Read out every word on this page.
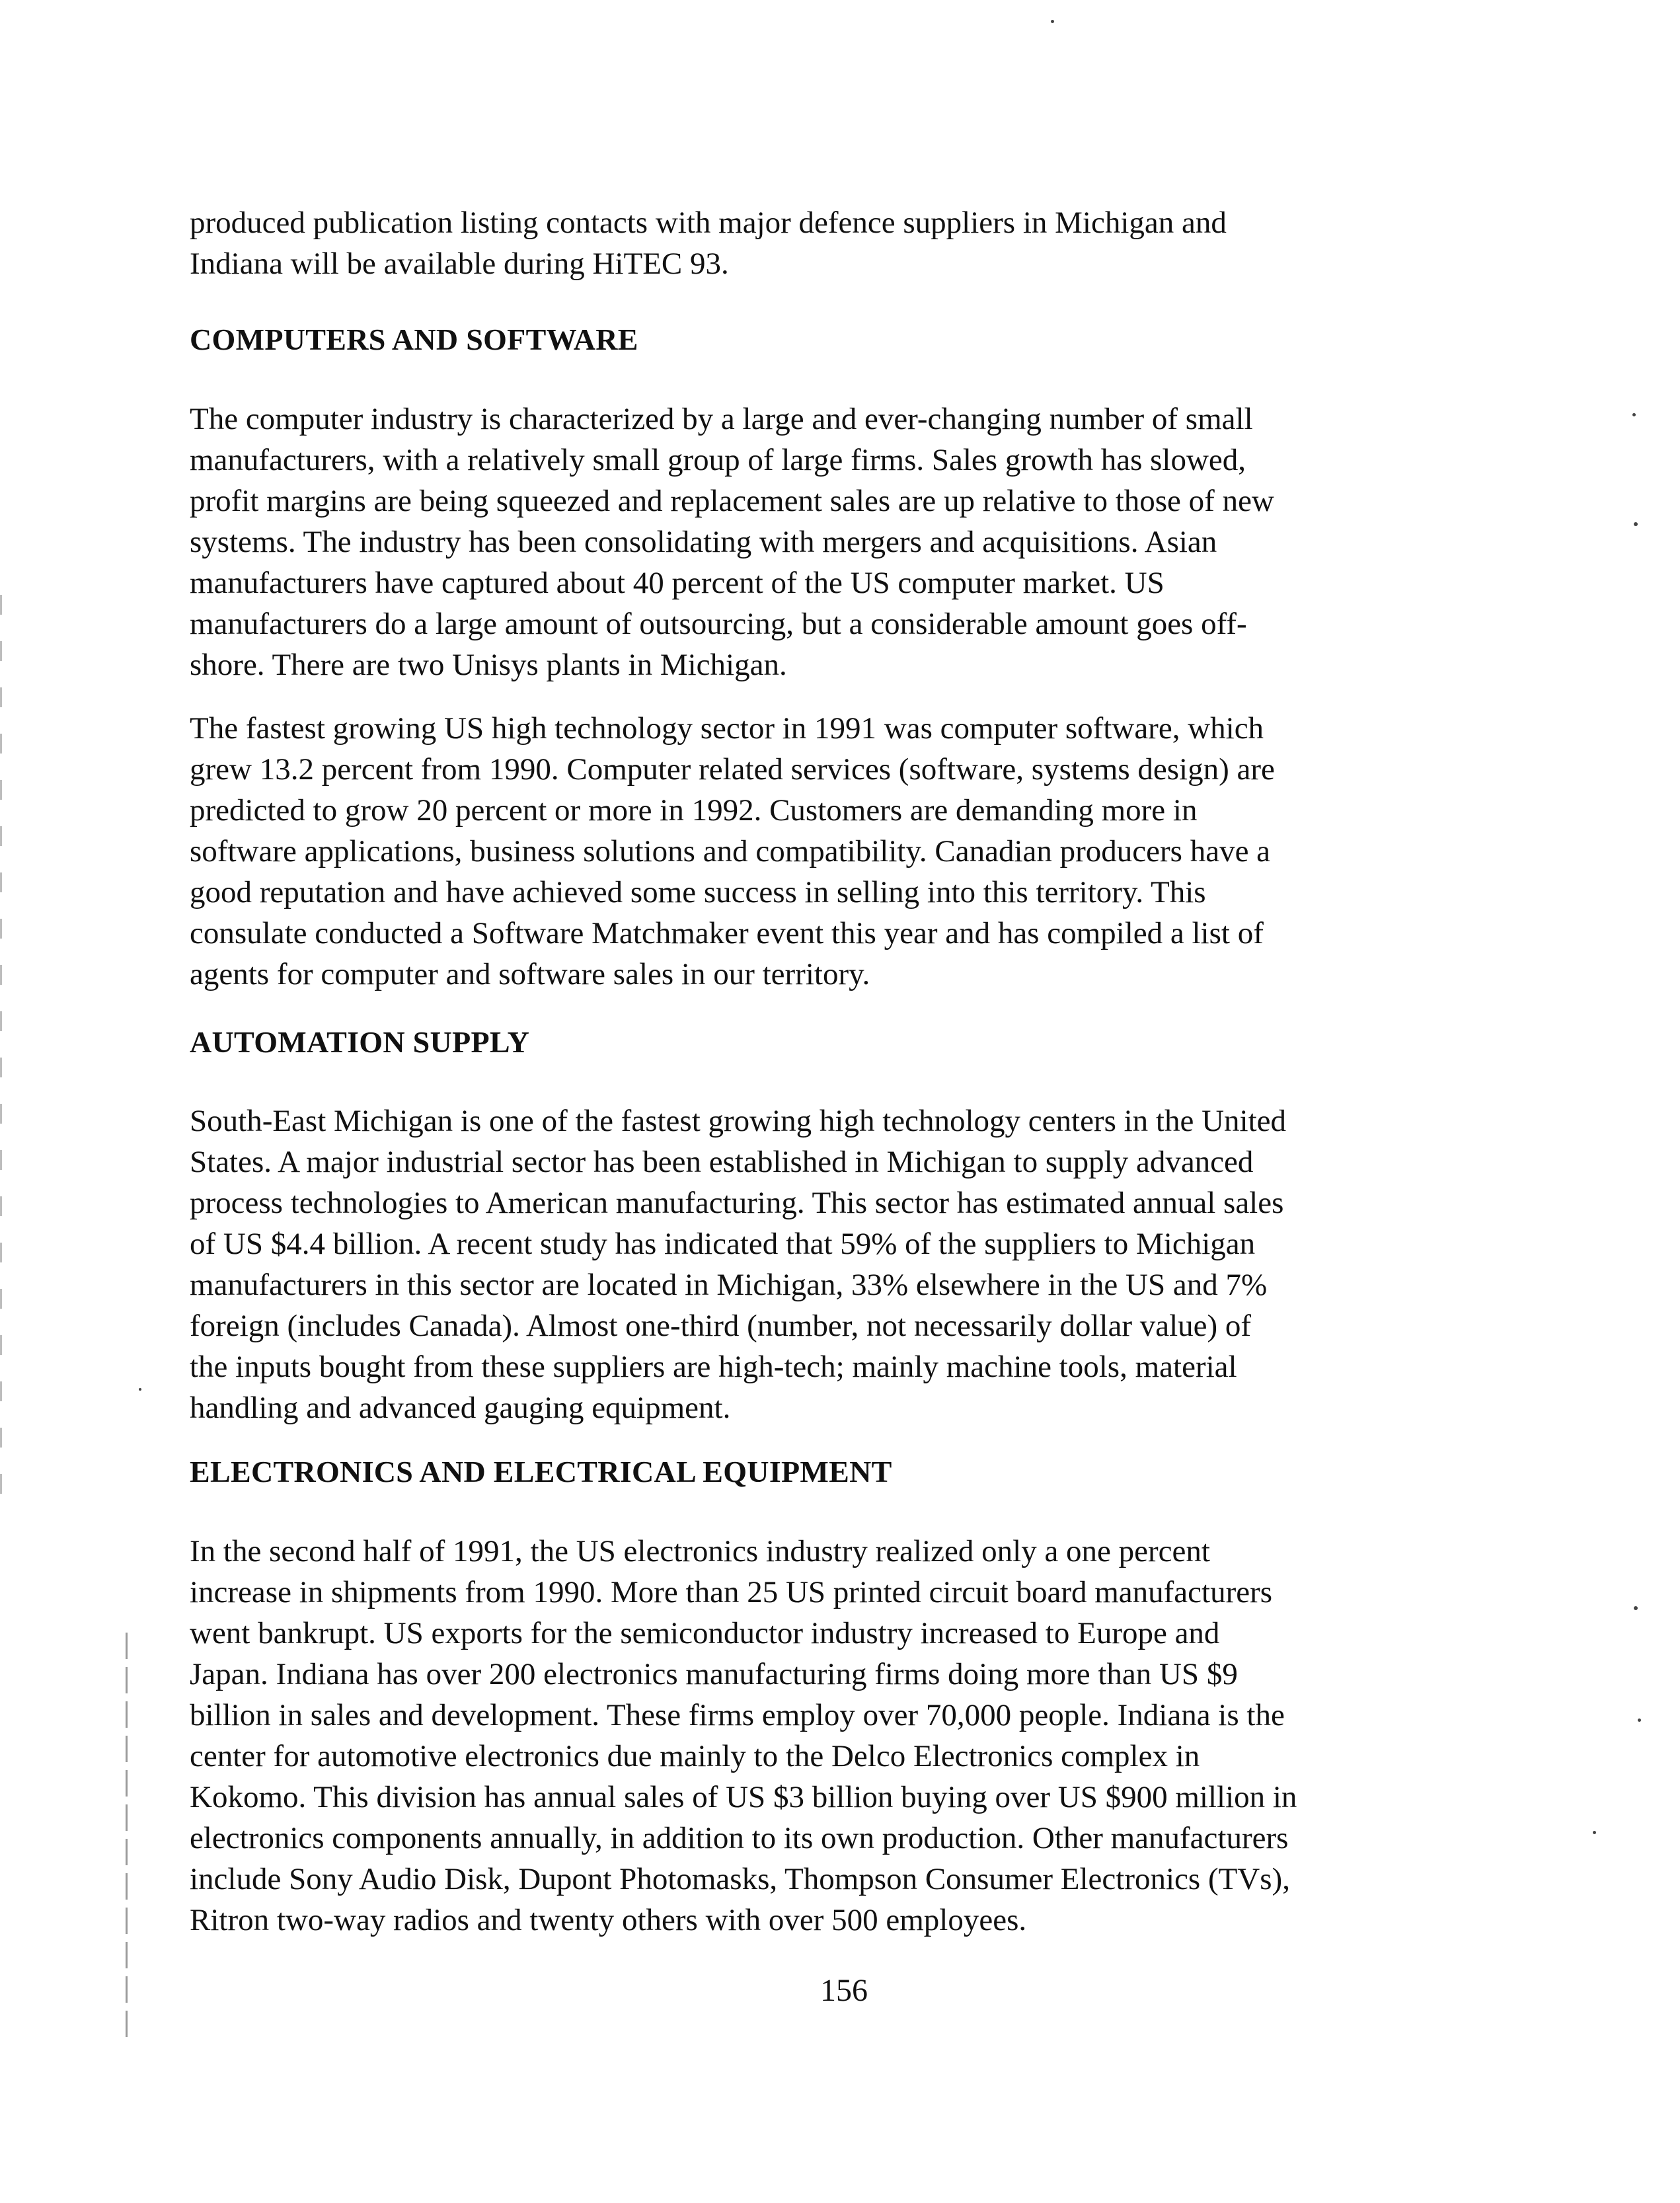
produced publication listing contacts with major defence suppliers in Michigan and
Indiana will be available during HiTEC 93.
COMPUTERS AND SOFTWARE
The computer industry is characterized by a large and ever-changing number of small
manufacturers, with a relatively small group of large firms. Sales growth has slowed,
profit margins are being squeezed and replacement sales are up relative to those of new
systems. The industry has been consolidating with mergers and acquisitions. Asian
manufacturers have captured about 40 percent of the US computer market. US
manufacturers do a large amount of outsourcing, but a considerable amount goes off-
shore. There are two Unisys plants in Michigan.
The fastest growing US high technology sector in 1991 was computer software, which
grew 13.2 percent from 1990. Computer related services (software, systems design) are
predicted to grow 20 percent or more in 1992. Customers are demanding more in
software applications, business solutions and compatibility. Canadian producers have a
good reputation and have achieved some success in selling into this territory. This
consulate conducted a Software Matchmaker event this year and has compiled a list of
agents for computer and software sales in our territory.
AUTOMATION SUPPLY
South-East Michigan is one of the fastest growing high technology centers in the United
States. A major industrial sector has been established in Michigan to supply advanced
process technologies to American manufacturing. This sector has estimated annual sales
of US $4.4 billion. A recent study has indicated that 59% of the suppliers to Michigan
manufacturers in this sector are located in Michigan, 33% elsewhere in the US and 7%
foreign (includes Canada). Almost one-third (number, not necessarily dollar value) of
the inputs bought from these suppliers are high-tech; mainly machine tools, material
handling and advanced gauging equipment.
ELECTRONICS AND ELECTRICAL EQUIPMENT
In the second half of 1991, the US electronics industry realized only a one percent
increase in shipments from 1990. More than 25 US printed circuit board manufacturers
went bankrupt. US exports for the semiconductor industry increased to Europe and
Japan. Indiana has over 200 electronics manufacturing firms doing more than US $9
billion in sales and development. These firms employ over 70,000 people. Indiana is the
center for automotive electronics due mainly to the Delco Electronics complex in
Kokomo. This division has annual sales of US $3 billion buying over US $900 million in
electronics components annually, in addition to its own production. Other manufacturers
include Sony Audio Disk, Dupont Photomasks, Thompson Consumer Electronics (TVs),
Ritron two-way radios and twenty others with over 500 employees.
156
